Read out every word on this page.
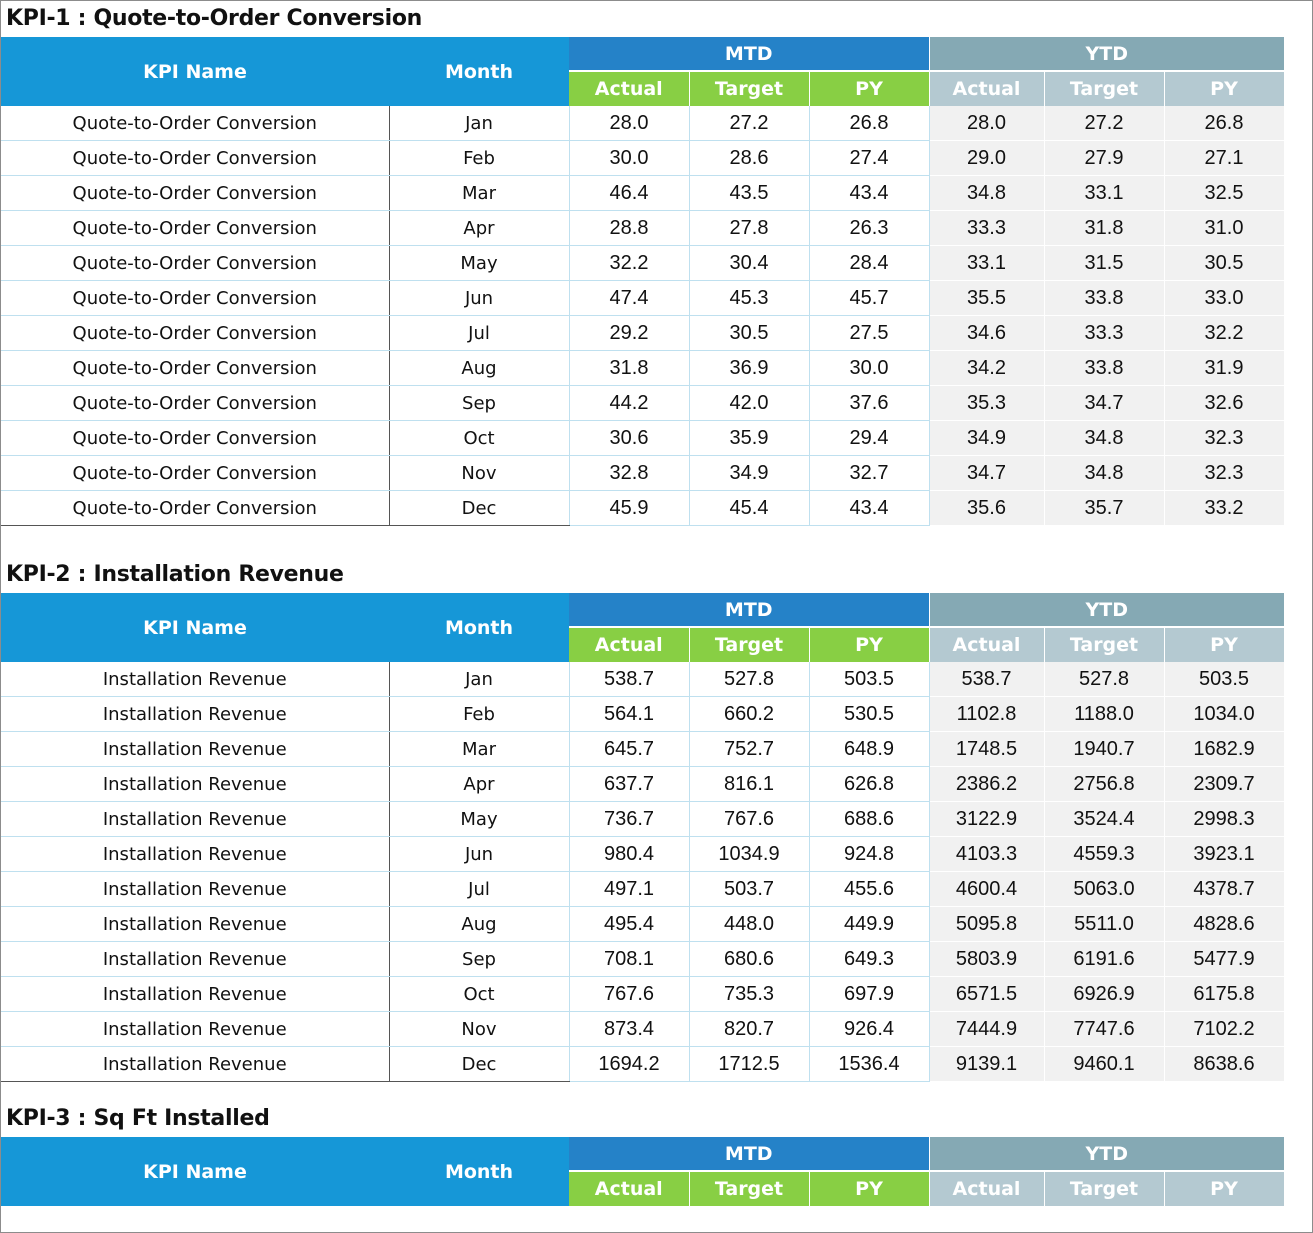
KPI-1 : Quote-to-Order Conversion
KPI Name	Month	MTD			YTD		
		Actual	Target	PY	Actual	Target	PY
Quote-to-Order Conversion	Jan	28.0	27.2	26.8	28.0	27.2	26.8
Quote-to-Order Conversion	Feb	30.0	28.6	27.4	29.0	27.9	27.1
Quote-to-Order Conversion	Mar	46.4	43.5	43.4	34.8	33.1	32.5
Quote-to-Order Conversion	Apr	28.8	27.8	26.3	33.3	31.8	31.0
Quote-to-Order Conversion	May	32.2	30.4	28.4	33.1	31.5	30.5
Quote-to-Order Conversion	Jun	47.4	45.3	45.7	35.5	33.8	33.0
Quote-to-Order Conversion	Jul	29.2	30.5	27.5	34.6	33.3	32.2
Quote-to-Order Conversion	Aug	31.8	36.9	30.0	34.2	33.8	31.9
Quote-to-Order Conversion	Sep	44.2	42.0	37.6	35.3	34.7	32.6
Quote-to-Order Conversion	Oct	30.6	35.9	29.4	34.9	34.8	32.3
Quote-to-Order Conversion	Nov	32.8	34.9	32.7	34.7	34.8	32.3
Quote-to-Order Conversion	Dec	45.9	45.4	43.4	35.6	35.7	33.2
KPI-2 : Installation Revenue
KPI Name	Month	MTD			YTD		
		Actual	Target	PY	Actual	Target	PY
Installation Revenue	Jan	538.7	527.8	503.5	538.7	527.8	503.5
Installation Revenue	Feb	564.1	660.2	530.5	1102.8	1188.0	1034.0
Installation Revenue	Mar	645.7	752.7	648.9	1748.5	1940.7	1682.9
Installation Revenue	Apr	637.7	816.1	626.8	2386.2	2756.8	2309.7
Installation Revenue	May	736.7	767.6	688.6	3122.9	3524.4	2998.3
Installation Revenue	Jun	980.4	1034.9	924.8	4103.3	4559.3	3923.1
Installation Revenue	Jul	497.1	503.7	455.6	4600.4	5063.0	4378.7
Installation Revenue	Aug	495.4	448.0	449.9	5095.8	5511.0	4828.6
Installation Revenue	Sep	708.1	680.6	649.3	5803.9	6191.6	5477.9
Installation Revenue	Oct	767.6	735.3	697.9	6571.5	6926.9	6175.8
Installation Revenue	Nov	873.4	820.7	926.4	7444.9	7747.6	7102.2
Installation Revenue	Dec	1694.2	1712.5	1536.4	9139.1	9460.1	8638.6
KPI-3 : Sq Ft Installed
KPI Name	Month	MTD			YTD		
		Actual	Target	PY	Actual	Target	PY
